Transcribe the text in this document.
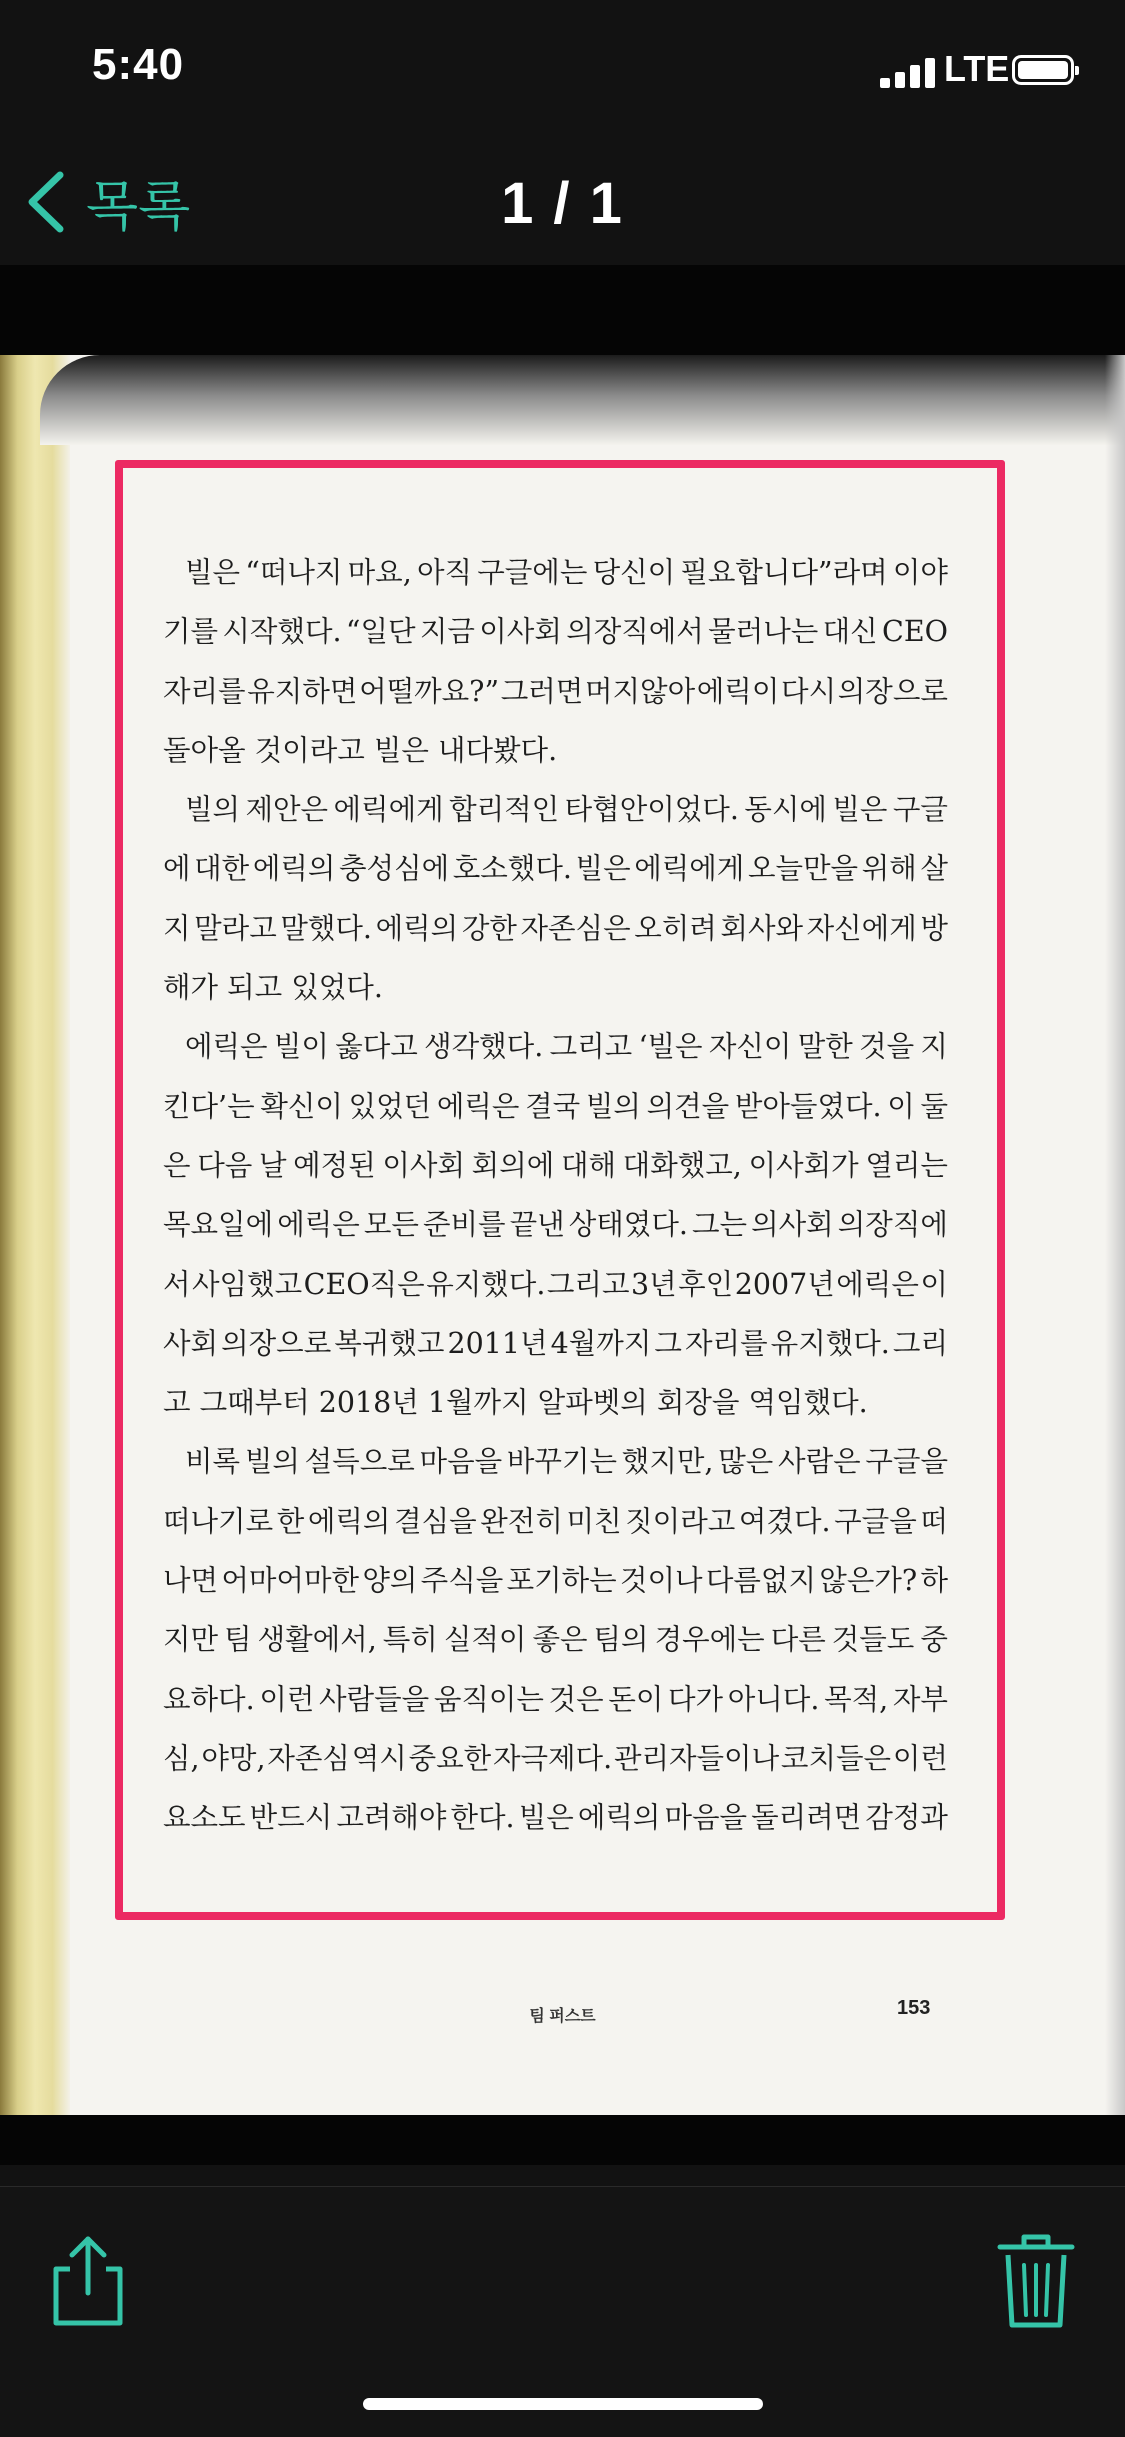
5:40	LTE
목록	1 / 1
빌은 “떠나지 마요, 아직 구글에는 당신이 필요합니다”라며 이야
기를 시작했다. “일단 지금 이사회 의장직에서 물러나는 대신 CEO
자리를 유지하면 어떨까요?” 그러면 머지않아 에릭이 다시 의장으로
돌아올 것이라고 빌은 내다봤다.
빌의 제안은 에릭에게 합리적인 타협안이었다. 동시에 빌은 구글
에 대한 에릭의 충성심에 호소했다. 빌은 에릭에게 오늘만을 위해 살
지 말라고 말했다. 에릭의 강한 자존심은 오히려 회사와 자신에게 방
해가 되고 있었다.
에릭은 빌이 옳다고 생각했다. 그리고 ‘빌은 자신이 말한 것을 지
킨다’는 확신이 있었던 에릭은 결국 빌의 의견을 받아들였다. 이 둘
은 다음 날 예정된 이사회 회의에 대해 대화했고, 이사회가 열리는
목요일에 에릭은 모든 준비를 끝낸 상태였다. 그는 의사회 의장직에
서 사임했고 CEO직은 유지했다. 그리고 3년 후인 2007년 에릭은 이
사회 의장으로 복귀했고 2011년 4월까지 그 자리를 유지했다. 그리
고 그때부터 2018년 1월까지 알파벳의 회장을 역임했다.
비록 빌의 설득으로 마음을 바꾸기는 했지만, 많은 사람은 구글을
떠나기로 한 에릭의 결심을 완전히 미친 짓이라고 여겼다. 구글을 떠
나면 어마어마한 양의 주식을 포기하는 것이나 다름없지 않은가? 하
지만 팀 생활에서, 특히 실적이 좋은 팀의 경우에는 다른 것들도 중
요하다. 이런 사람들을 움직이는 것은 돈이 다가 아니다. 목적, 자부
심, 야망, 자존심 역시 중요한 자극제다. 관리자들이나 코치들은 이런
요소도 반드시 고려해야 한다. 빌은 에릭의 마음을 돌리려면 감정과
팀 퍼스트	153
